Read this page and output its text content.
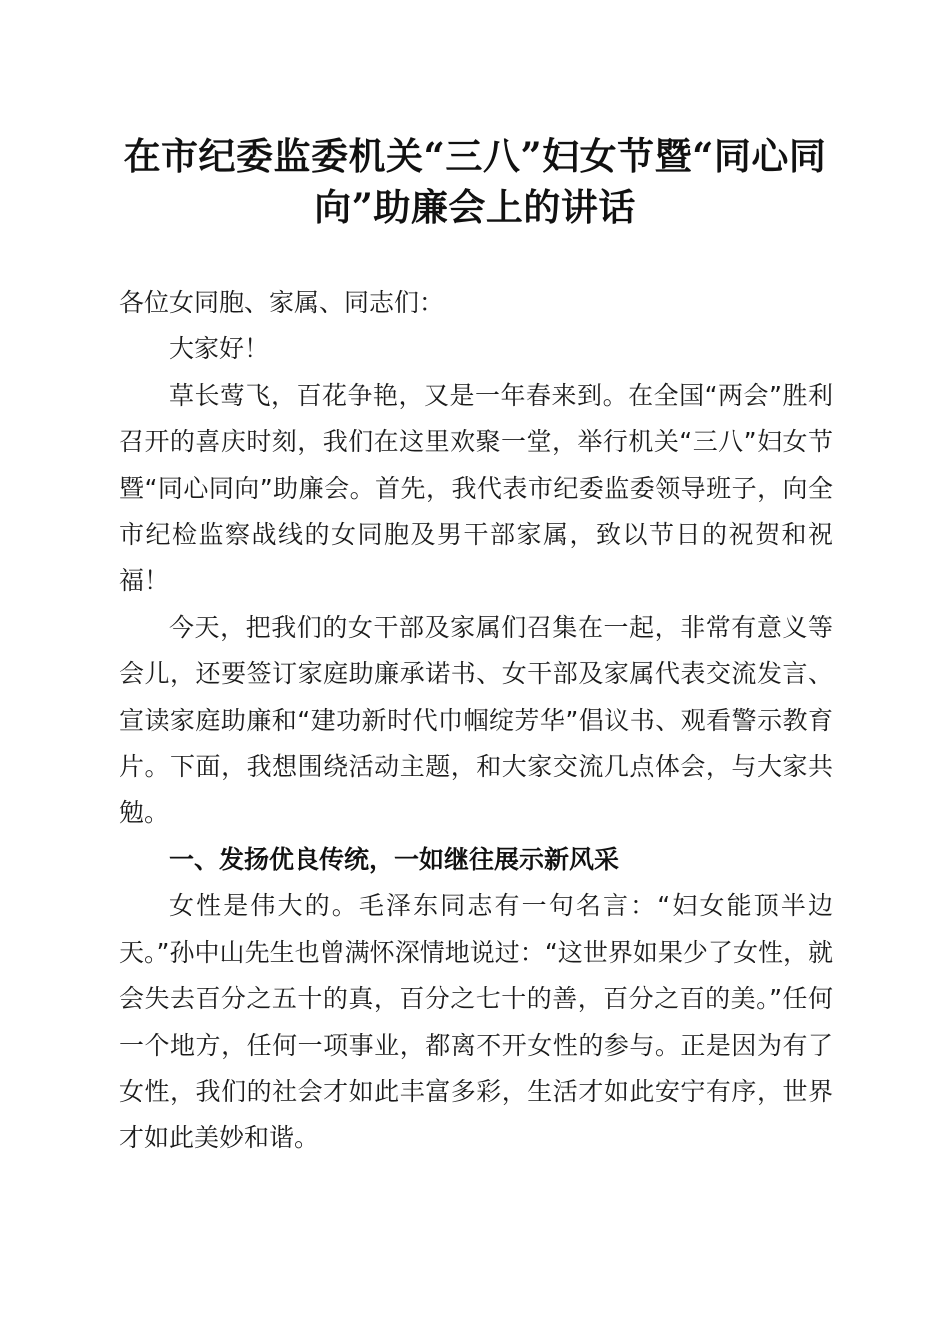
在市纪委监委机关“三八”妇女节暨“同心同向”助廉会上的讲话

各位女同胞、家属、同志们：

大家好！

草长莺飞，百花争艳，又是一年春来到。在全国“两会”胜利召开的喜庆时刻，我们在这里欢聚一堂，举行机关“三八”妇女节暨“同心同向”助廉会。首先，我代表市纪委监委领导班子，向全市纪检监察战线的女同胞及男干部家属，致以节日的祝贺和祝福！

今天，把我们的女干部及家属们召集在一起，非常有意义等会儿，还要签订家庭助廉承诺书、女干部及家属代表交流发言、宣读家庭助廉和“建功新时代巾帼绽芳华”倡议书、观看警示教育片。下面，我想围绕活动主题，和大家交流几点体会，与大家共勉。

一、发扬优良传统，一如继往展示新风采

女性是伟大的。毛泽东同志有一句名言：“妇女能顶半边天。”孙中山先生也曾满怀深情地说过：“这世界如果少了女性，就会失去百分之五十的真，百分之七十的善，百分之百的美。”任何一个地方，任何一项事业，都离不开女性的参与。正是因为有了女性，我们的社会才如此丰富多彩，生活才如此安宁有序，世界才如此美妙和谐。
